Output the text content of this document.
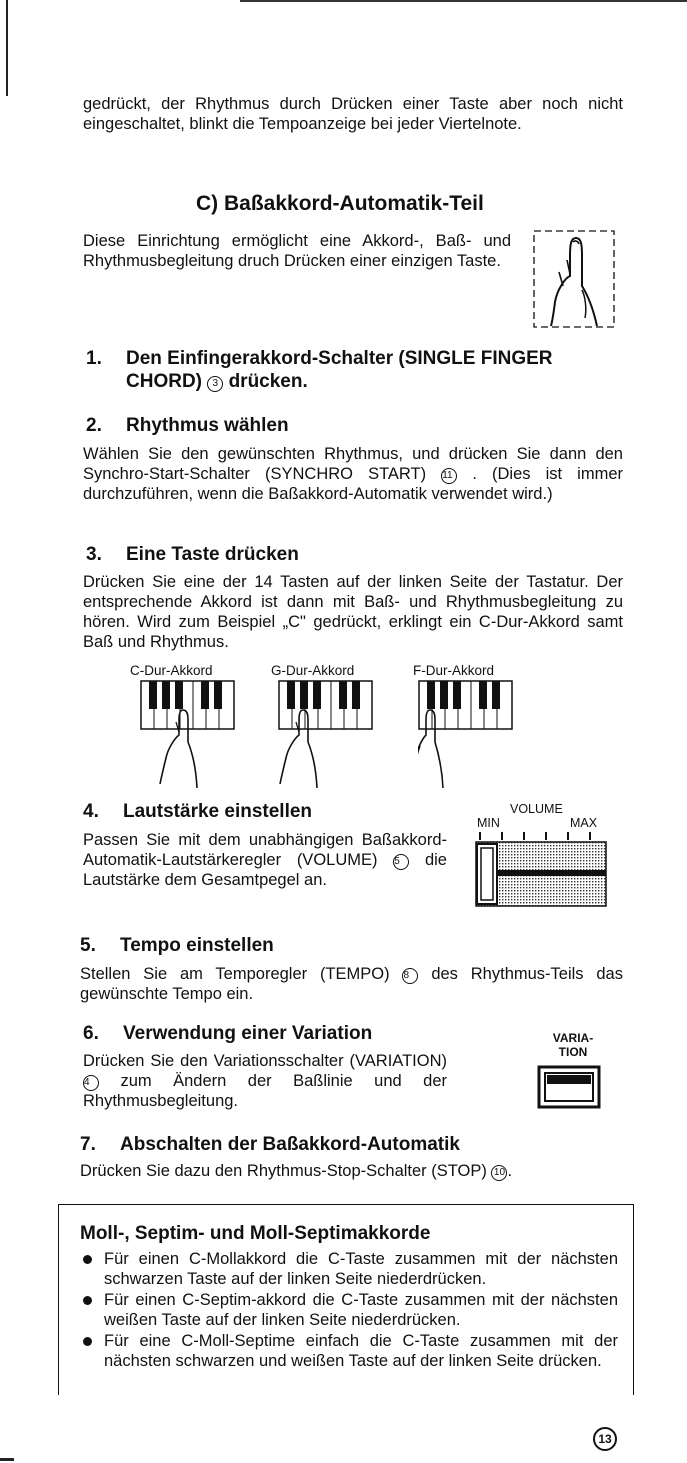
gedrückt, der Rhythmus durch Drücken einer Taste aber noch nicht eingeschaltet, blinkt die Tempoanzeige bei jeder Viertelnote.
C) Baßakkord-Automatik-Teil
Diese Einrichtung ermöglicht eine Akkord-, Baß- und Rhythmusbegleitung druch Drücken einer einzigen Taste.
1. Den Einfingerakkord-Schalter (SINGLE FINGER
CHORD) 3 drücken.
2. Rhythmus wählen
Wählen Sie den gewünschten Rhythmus, und drücken Sie dann den Synchro-Start-Schalter (SYNCHRO START) 11 . (Dies ist immer durchzuführen, wenn die Baßakkord-Automatik verwendet wird.)
3. Eine Taste drücken
Drücken Sie eine der 14 Tasten auf der linken Seite der Tastatur. Der entsprechende Akkord ist dann mit Baß- und Rhythmusbegleitung zu hören. Wird zum Beispiel „C" gedrückt, erklingt ein C-Dur-Akkord samt Baß und Rhythmus.
C-Dur-Akkord	G-Dur-Akkord	F-Dur-Akkord
4. Lautstärke einstellen
Passen Sie mit dem unabhängigen Baßakkord-Automatik-Lautstärkeregler (VOLUME) 5 die Lautstärke dem Gesamtpegel an.
VOLUME
MIN	MAX
5. Tempo einstellen
Stellen Sie am Temporegler (TEMPO) 8 des Rhythmus-Teils das gewünschte Tempo ein.
6. Verwendung einer Variation
Drücken Sie den Variationsschalter (VARIATION) 4 zum Ändern der Baßlinie und der Rhythmusbegleitung.
VARIA-
TION
7. Abschalten der Baßakkord-Automatik
Drücken Sie dazu den Rhythmus-Stop-Schalter (STOP) 10 .
Moll-, Septim- und Moll-Septimakkorde
Für einen C-Mollakkord die C-Taste zusammen mit der nächsten schwarzen Taste auf der linken Seite niederdrücken.
Für einen C-Septim-akkord die C-Taste zusammen mit der nächsten weißen Taste auf der linken Seite niederdrücken.
Für eine C-Moll-Septime einfach die C-Taste zusammen mit der nächsten schwarzen und weißen Taste auf der linken Seite drücken.
13
